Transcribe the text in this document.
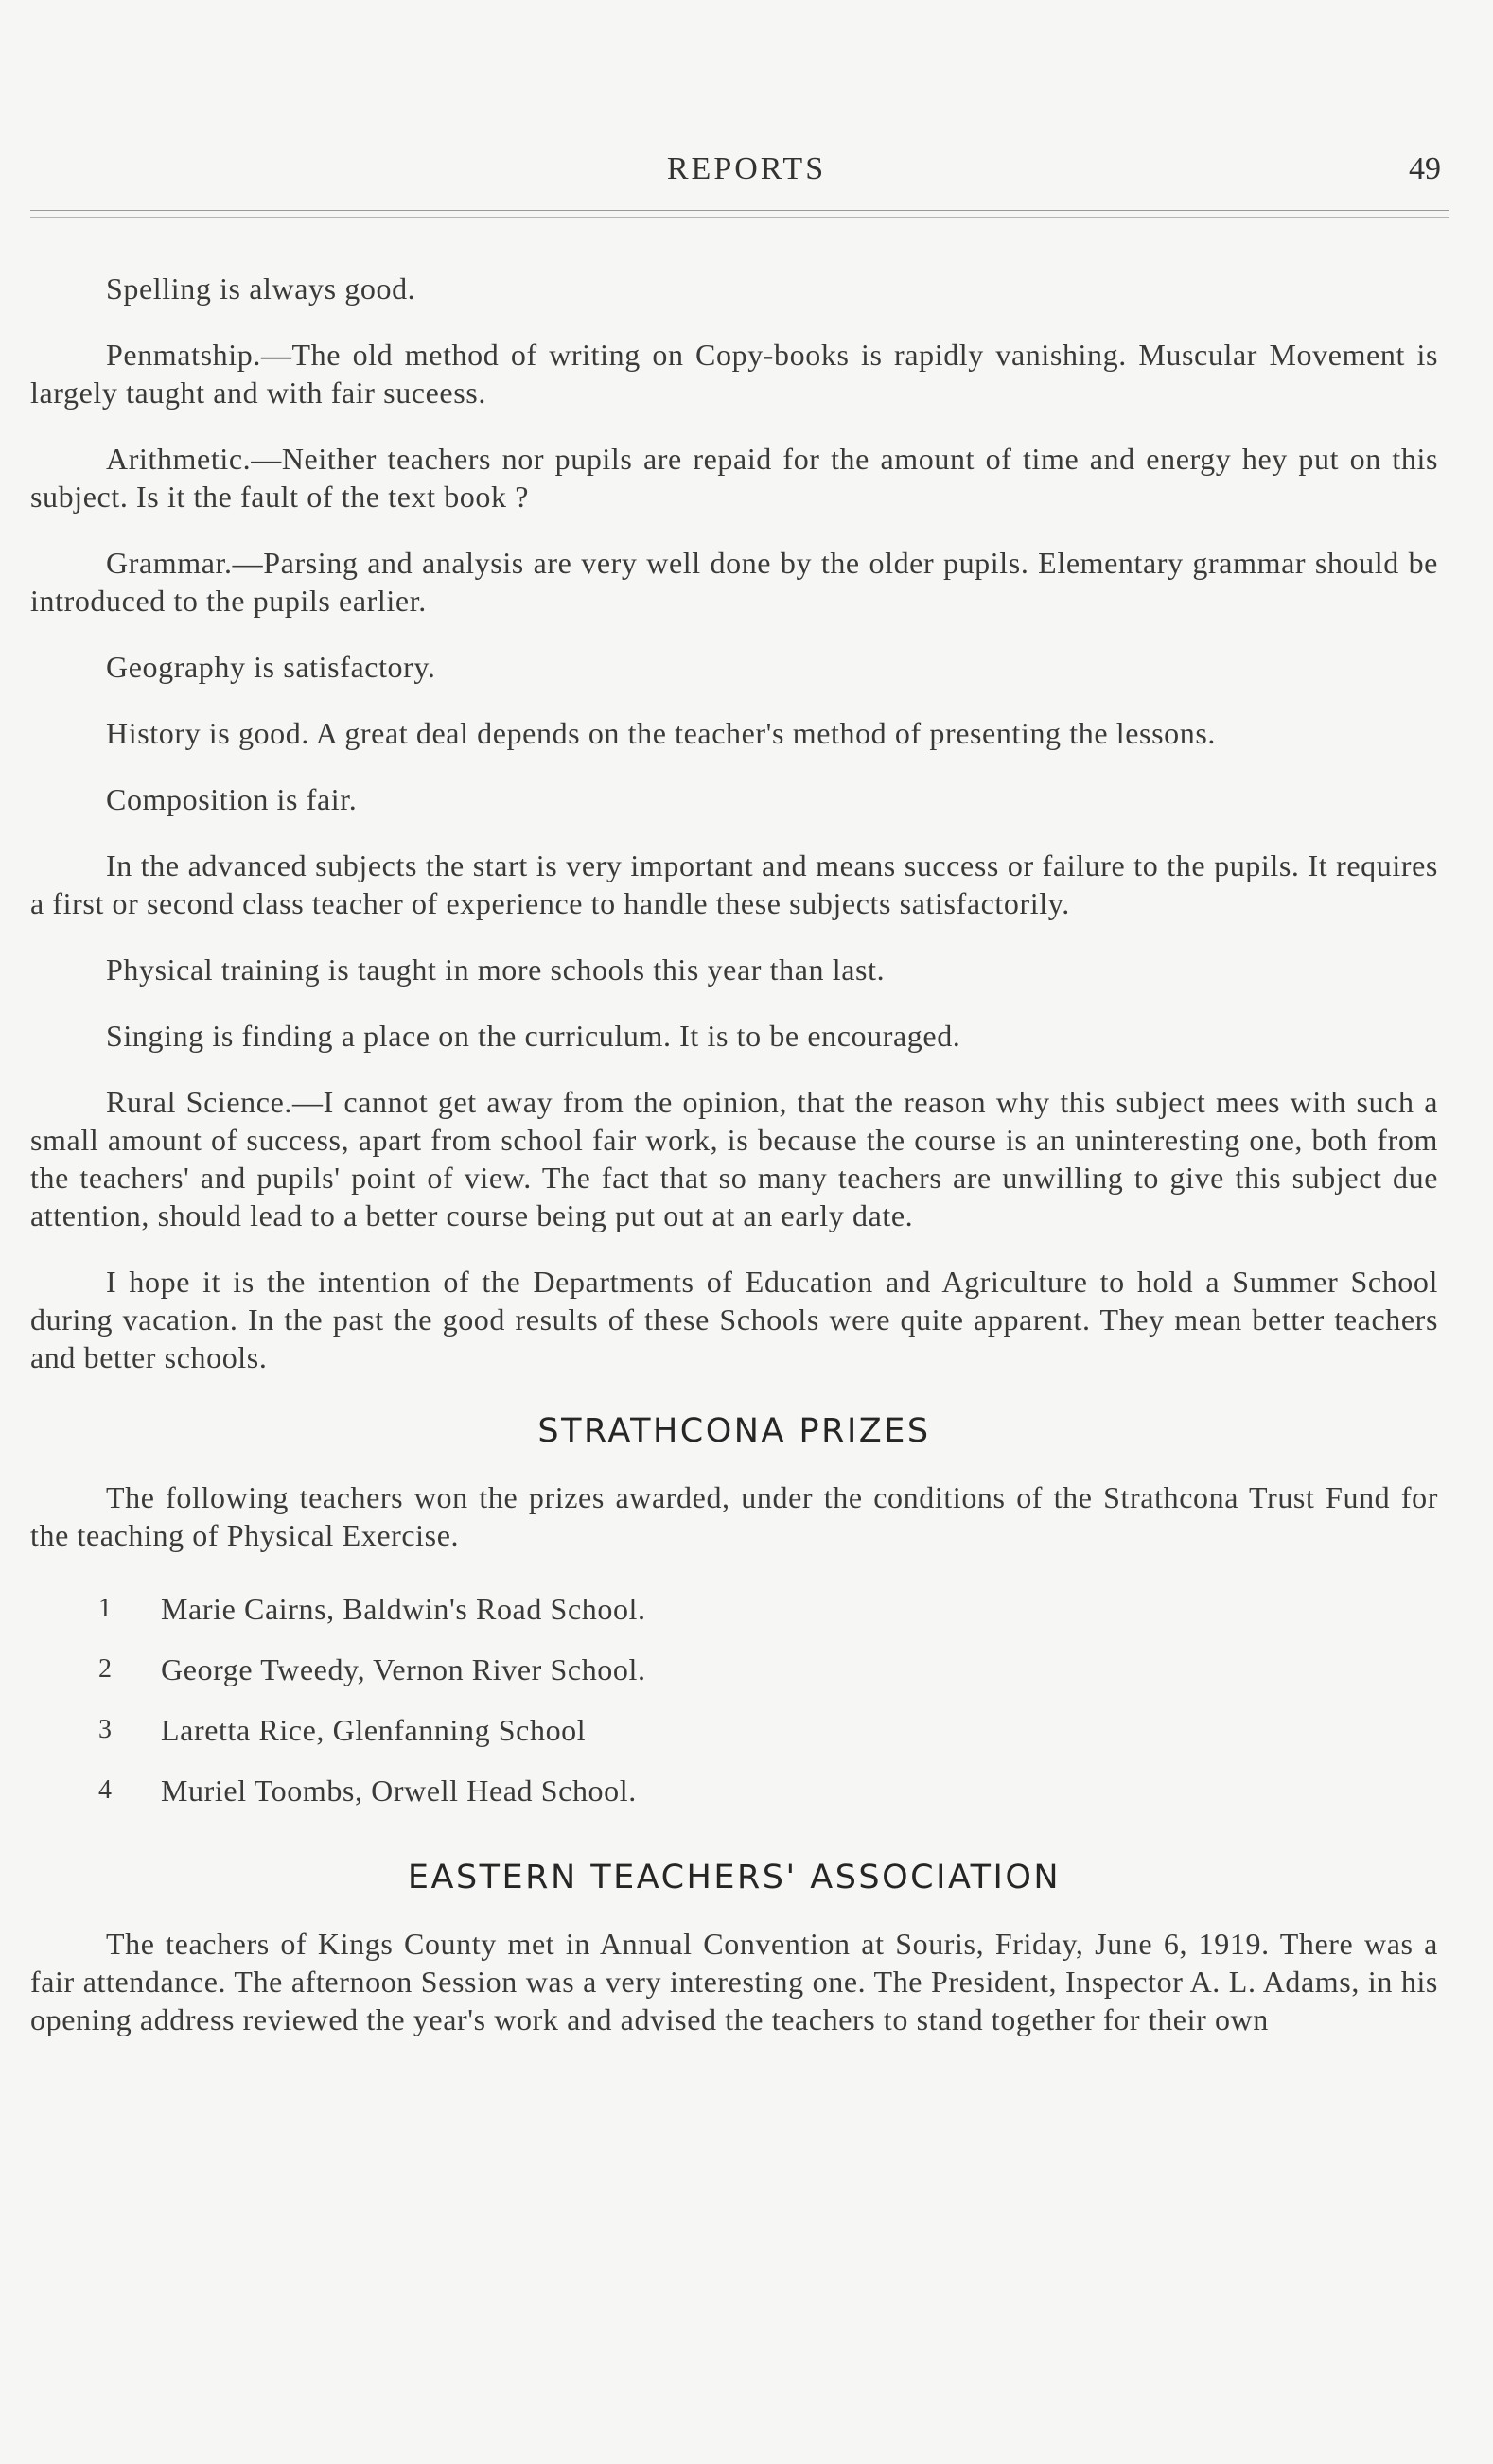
REPORTS	49

Spelling is always good.

Penmatship.—The old method of writing on Copy-books is rapidly vanishing. Muscular Movement is largely taught and with fair suceess.

Arithmetic.—Neither teachers nor pupils are repaid for the amount of time and energy hey put on this subject. Is it the fault of the text book ?

Grammar.—Parsing and analysis are very well done by the older pupils. Elementary grammar should be introduced to the pupils earlier.

Geography is satisfactory.

History is good. A great deal depends on the teacher's method of presenting the lessons.

Composition is fair.

In the advanced subjects the start is very important and means success or failure to the pupils. It requires a first or second class teacher of experience to handle these subjects satisfactorily.

Physical training is taught in more schools this year than last.

Singing is finding a place on the curriculum. It is to be encouraged.

Rural Science.—I cannot get away from the opinion, that the reason why this subject mees with such a small amount of success, apart from school fair work, is because the course is an uninteresting one, both from the teachers' and pupils' point of view. The fact that so many teachers are unwilling to give this subject due attention, should lead to a better course being put out at an early date.

I hope it is the intention of the Departments of Education and Agriculture to hold a Summer School during vacation. In the past the good results of these Schools were quite apparent. They mean better teachers and better schools.

STRATHCONA PRIZES

The following teachers won the prizes awarded, under the conditions of the Strathcona Trust Fund for the teaching of Physical Exercise.

1	Marie Cairns, Baldwin's Road School.
2	George Tweedy, Vernon River School.
3	Laretta Rice, Glenfanning School
4	Muriel Toombs, Orwell Head School.
EASTERN TEACHERS' ASSOCIATION

The teachers of Kings County met in Annual Convention at Souris, Friday, June 6, 1919. There was a fair attendance. The afternoon Session was a very interesting one. The President, Inspector A. L. Adams, in his opening address reviewed the year's work and advised the teachers to stand together for their own
